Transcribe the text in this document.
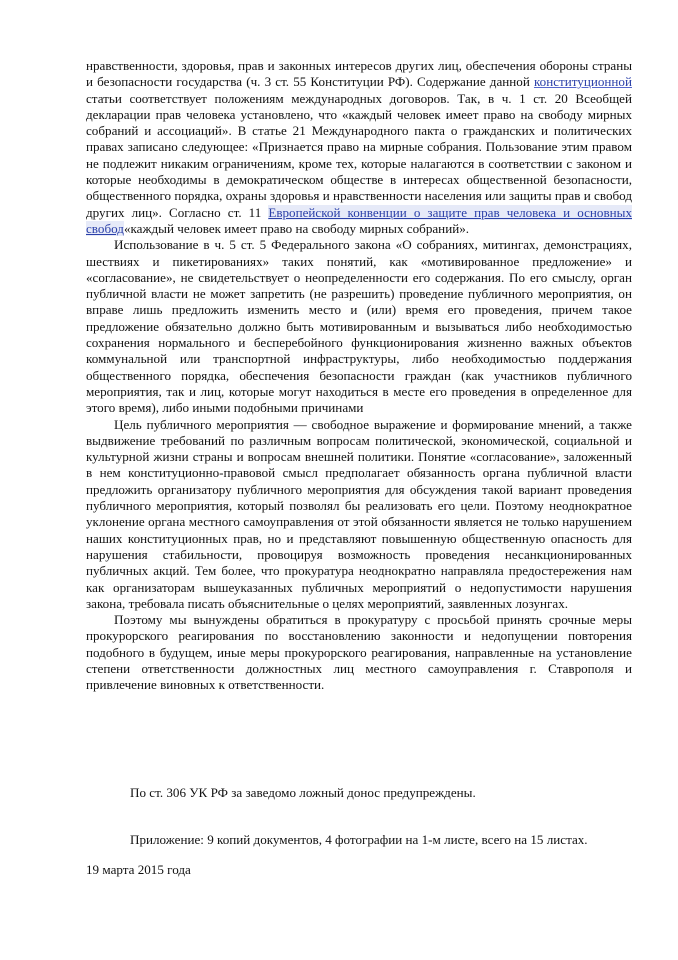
нравственности, здоровья, прав и законных интересов других лиц, обеспечения обороны страны и безопасности государства (ч. 3 ст. 55 Конституции РФ). Содержание данной конституционной статьи соответствует положениям международных договоров. Так, в ч. 1 ст. 20 Всеобщей декларации прав человека установлено, что «каждый человек имеет право на свободу мирных собраний и ассоциаций». В статье 21 Международного пакта о гражданских и политических правах записано следующее: «Признается право на мирные собрания. Пользование этим правом не подлежит никаким ограничениям, кроме тех, которые налагаются в соответствии с законом и которые необходимы в демократическом обществе в интересах общественной безопасности, общественного порядка, охраны здоровья и нравственности населения или защиты прав и свобод других лиц». Согласно ст. 11 Европейской конвенции о защите прав человека и основных свобод«каждый человек имеет право на свободу мирных собраний».

Использование в ч. 5 ст. 5 Федерального закона «О собраниях, митингах, демонстрациях, шествиях и пикетированиях» таких понятий, как «мотивированное предложение» и «согласование», не свидетельствует о неопределенности его содержания. По его смыслу, орган публичной власти не может запретить (не разрешить) проведение публичного мероприятия, он вправе лишь предложить изменить место и (или) время его проведения, причем такое предложение обязательно должно быть мотивированным и вызываться либо необходимостью сохранения нормального и бесперебойного функционирования жизненно важных объектов коммунальной или транспортной инфраструктуры, либо необходимостью поддержания общественного порядка, обеспечения безопасности граждан (как участников публичного мероприятия, так и лиц, которые могут находиться в месте его проведения в определенное для этого время), либо иными подобными причинами

Цель публичного мероприятия — свободное выражение и формирование мнений, а также выдвижение требований по различным вопросам политической, экономической, социальной и культурной жизни страны и вопросам внешней политики. Понятие «согласование», заложенный в нем конституционно-правовой смысл предполагает обязанность органа публичной власти предложить организатору публичного мероприятия для обсуждения такой вариант проведения публичного мероприятия, который позволял бы реализовать его цели. Поэтому неоднократное уклонение органа местного самоуправления от этой обязанности является не только нарушением наших конституционных прав, но и представляют повышенную общественную опасность для нарушения стабильности, провоцируя возможность проведения несанкционированных публичных акций. Тем более, что прокуратура неоднократно направляла предостережения нам как организаторам вышеуказанных публичных мероприятий о недопустимости нарушения закона, требовала писать объяснительные о целях мероприятий, заявленных лозунгах.

Поэтому мы вынуждены обратиться в прокуратуру с просьбой принять срочные меры прокурорского реагирования по восстановлению законности и недопущении повторения подобного в будущем, иные меры прокурорского реагирования, направленные на установление степени ответственности должностных лиц местного самоуправления г. Ставрополя и привлечение виновных к ответственности.

По ст. 306 УК РФ за заведомо ложный донос предупреждены.

Приложение: 9 копий документов, 4 фотографии на 1-м листе, всего на 15 листах.

19 марта 2015 года
